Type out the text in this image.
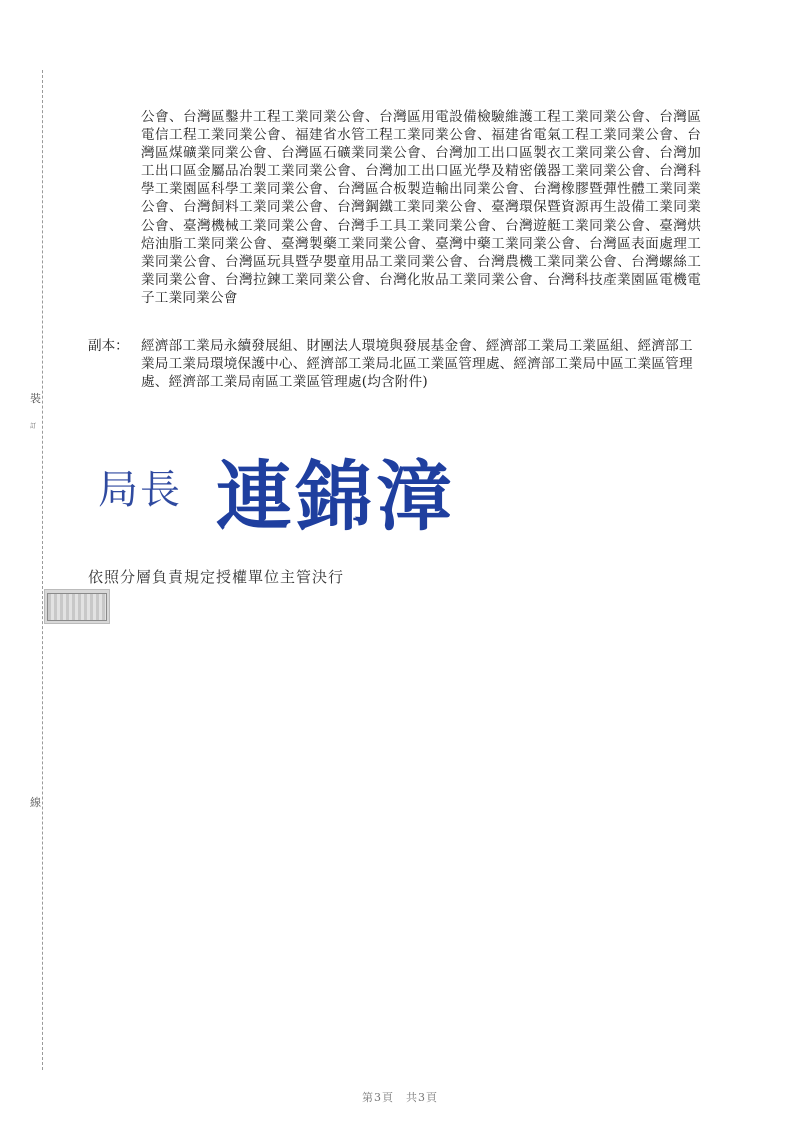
裝
訂
線

公會、台灣區鑿井工程工業同業公會、台灣區用電設備檢驗維護工程工業同業公會、台灣區電信工程工業同業公會、福建省水管工程工業同業公會、福建省電氣工程工業同業公會、台灣區煤礦業同業公會、台灣區石礦業同業公會、台灣加工出口區製衣工業同業公會、台灣加工出口區金屬品冶製工業同業公會、台灣加工出口區光學及精密儀器工業同業公會、台灣科學工業園區科學工業同業公會、台灣區合板製造輸出同業公會、台灣橡膠暨彈性體工業同業公會、台灣飼料工業同業公會、台灣鋼鐵工業同業公會、臺灣環保暨資源再生設備工業同業公會、臺灣機械工業同業公會、台灣手工具工業同業公會、台灣遊艇工業同業公會、臺灣烘焙油脂工業同業公會、臺灣製藥工業同業公會、臺灣中藥工業同業公會、台灣區表面處理工業同業公會、台灣區玩具暨孕嬰童用品工業同業公會、台灣農機工業同業公會、台灣螺絲工業同業公會、台灣拉鍊工業同業公會、台灣化妝品工業同業公會、台灣科技產業園區電機電子工業同業公會

副本： 經濟部工業局永續發展組、財團法人環境與發展基金會、經濟部工業局工業區組、經濟部工業局工業局環境保護中心、經濟部工業局北區工業區管理處、經濟部工業局中區工業區管理處、經濟部工業局南區工業區管理處(均含附件)

局長 連錦漳
依照分層負責規定授權單位主管決行
第3頁　共3頁
